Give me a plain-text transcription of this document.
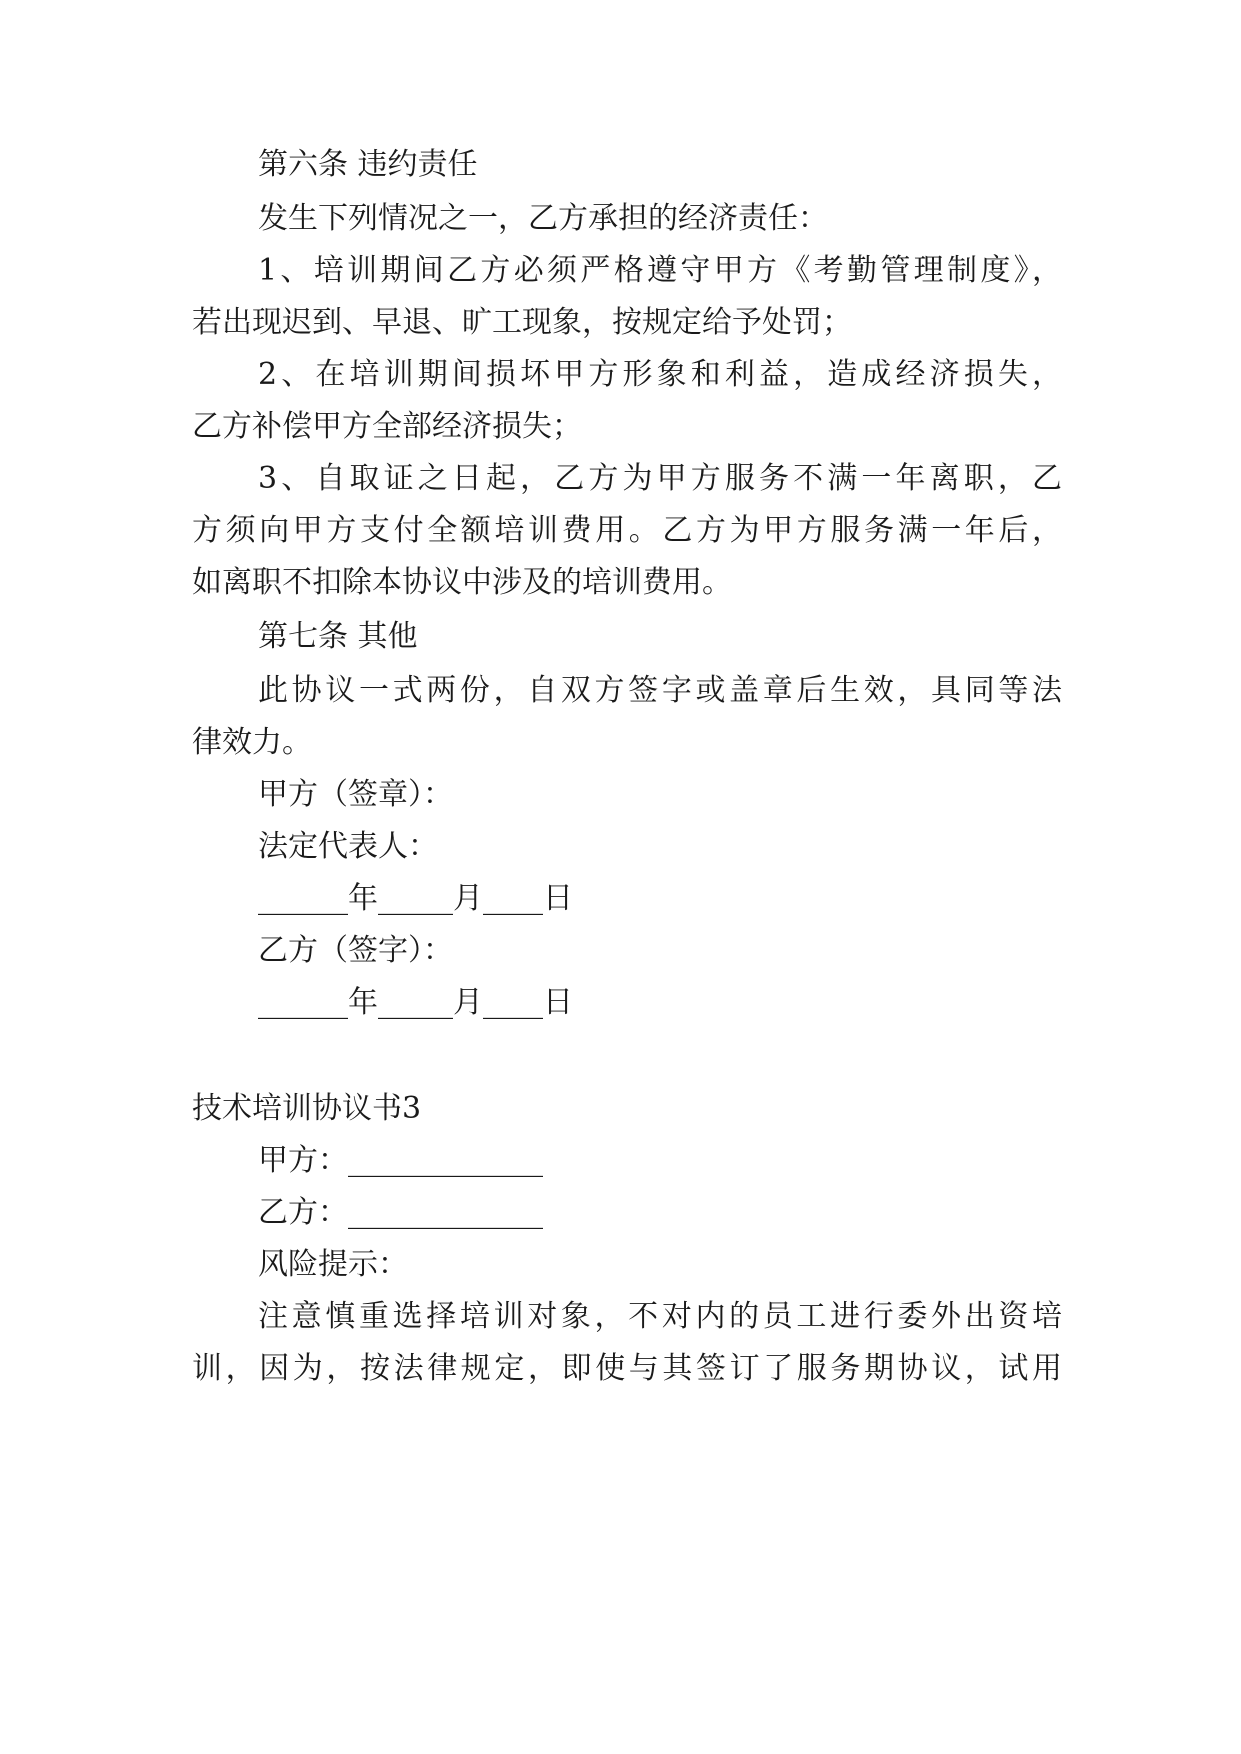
第六条 违约责任
发生下列情况之一，乙方承担的经济责任：
1、培训期间乙方必须严格遵守甲方《考勤管理制度》，
若出现迟到、早退、旷工现象，按规定给予处罚；
2、在培训期间损坏甲方形象和利益，造成经济损失，
乙方补偿甲方全部经济损失；
3、自取证之日起，乙方为甲方服务不满一年离职，乙
方须向甲方支付全额培训费用。乙方为甲方服务满一年后，
如离职不扣除本协议中涉及的培训费用。
第七条 其他
此协议一式两份，自双方签字或盖章后生效，具同等法
律效力。
甲方（签章）：
法定代表人：
______年_____月____日
乙方（签字）：
______年_____月____日
技术培训协议书3
甲方：_____________
乙方：_____________
风险提示：
注意慎重选择培训对象，不对内的员工进行委外出资培
训，因为，按法律规定，即使与其签订了服务期协议，试用
